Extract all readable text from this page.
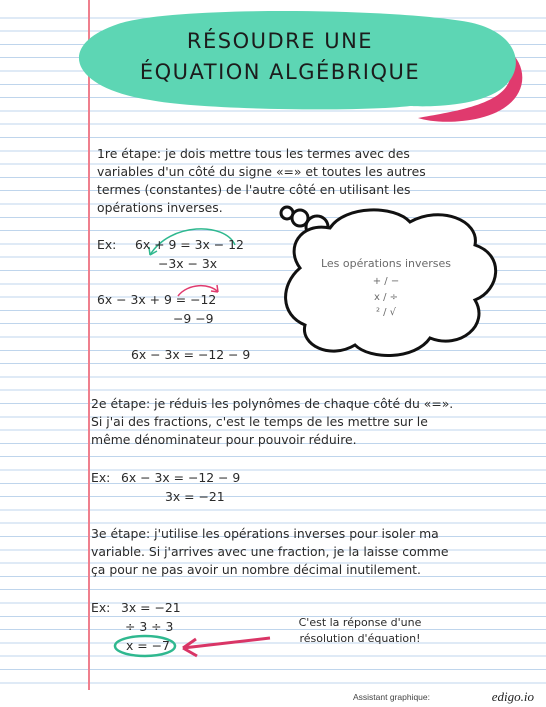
RÉSOUDRE UNE
ÉQUATION ALGÉBRIQUE
1re étape: je dois mettre tous les termes avec des
variables d'un côté du signe «=» et toutes les autres
termes (constantes) de l'autre côté en utilisant les
opérations inverses.
Ex: 6x + 9 = 3x − 12
−3x − 3x
6x − 3x + 9 = −12
−9 −9
6x − 3x = −12 − 9
Les opérations inverses
+ / −
x / ÷
² / √
2e étape: je réduis les polynômes de chaque côté du «=».
Si j'ai des fractions, c'est le temps de les mettre sur le
même dénominateur pour pouvoir réduire.
Ex: 6x − 3x = −12 − 9
3x = −21
3e étape: j'utilise les opérations inverses pour isoler ma
variable. Si j'arrives avec une fraction, je la laisse comme
ça pour ne pas avoir un nombre décimal inutilement.
Ex: 3x = −21
÷ 3 ÷ 3
x = −7
C'est la réponse d'une
résolution d'équation!
Assistant graphique:	edigo.io
